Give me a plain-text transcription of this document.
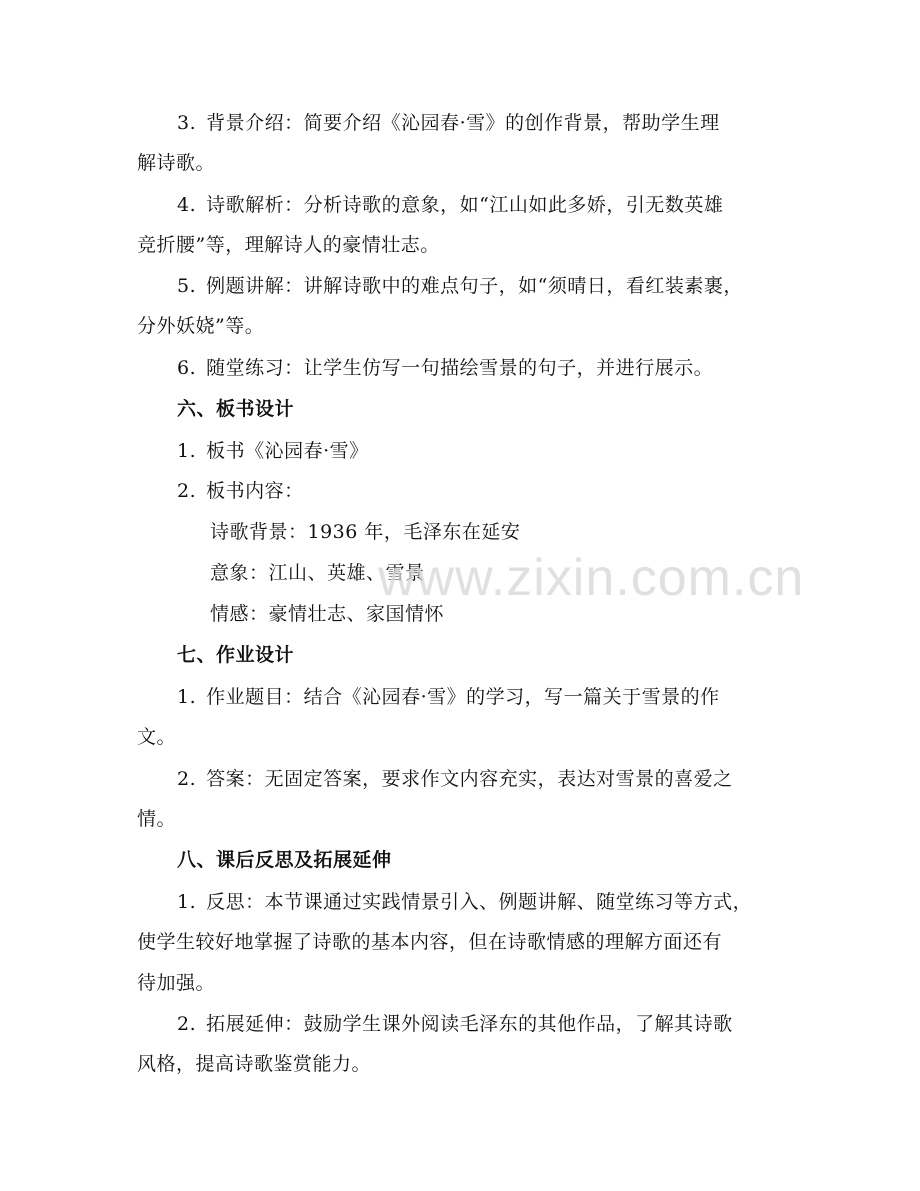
3. 背景介绍：简要介绍《沁园春·雪》的创作背景，帮助学生理
解诗歌。
4. 诗歌解析：分析诗歌的意象，如“江山如此多娇，引无数英雄
竞折腰”等，理解诗人的豪情壮志。
5. 例题讲解：讲解诗歌中的难点句子，如“须晴日，看红装素裹，
分外妖娆”等。
6. 随堂练习：让学生仿写一句描绘雪景的句子，并进行展示。
六、板书设计
1. 板书《沁园春·雪》
2. 板书内容：
诗歌背景：1936 年，毛泽东在延安
意象：江山、英雄、雪景
情感：豪情壮志、家国情怀
七、作业设计
1. 作业题目：结合《沁园春·雪》的学习，写一篇关于雪景的作
文。
2. 答案：无固定答案，要求作文内容充实，表达对雪景的喜爱之
情。
八、课后反思及拓展延伸
1. 反思：本节课通过实践情景引入、例题讲解、随堂练习等方式，
使学生较好地掌握了诗歌的基本内容，但在诗歌情感的理解方面还有
待加强。
2. 拓展延伸：鼓励学生课外阅读毛泽东的其他作品，了解其诗歌
风格，提高诗歌鉴赏能力。
www.zixin.com.cn
